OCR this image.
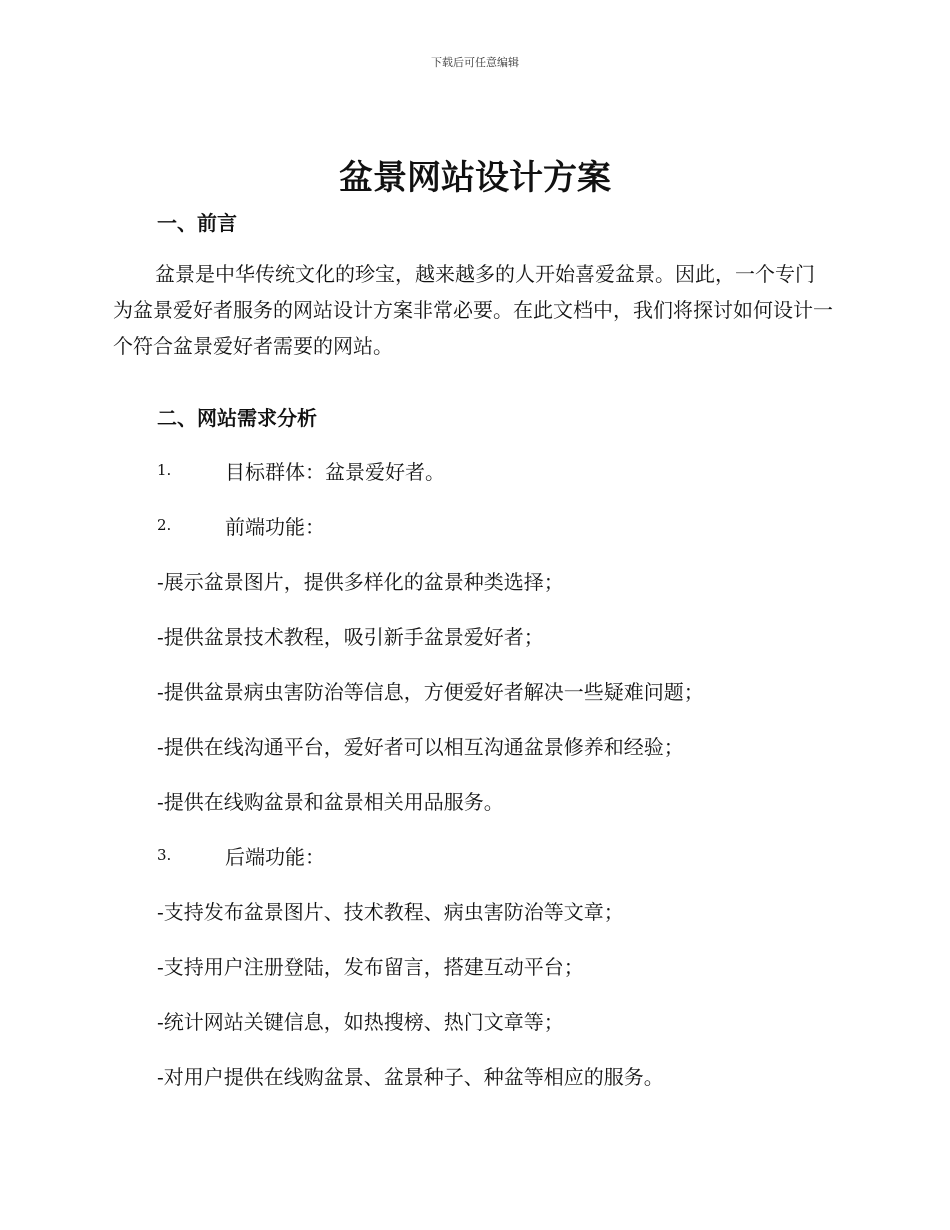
下载后可任意编辑
盆景网站设计方案
一、前言
盆景是中华传统文化的珍宝，越来越多的人开始喜爱盆景。因此，一个专门为盆景爱好者服务的网站设计方案非常必要。在此文档中，我们将探讨如何设计一个符合盆景爱好者需要的网站。
二、网站需求分析
1.	目标群体：盆景爱好者。
2.	前端功能：
-展示盆景图片，提供多样化的盆景种类选择；
-提供盆景技术教程，吸引新手盆景爱好者；
-提供盆景病虫害防治等信息，方便爱好者解决一些疑难问题；
-提供在线沟通平台，爱好者可以相互沟通盆景修养和经验；
-提供在线购盆景和盆景相关用品服务。
3.	后端功能：
-支持发布盆景图片、技术教程、病虫害防治等文章；
-支持用户注册登陆，发布留言，搭建互动平台；
-统计网站关键信息，如热搜榜、热门文章等；
-对用户提供在线购盆景、盆景种子、种盆等相应的服务。
